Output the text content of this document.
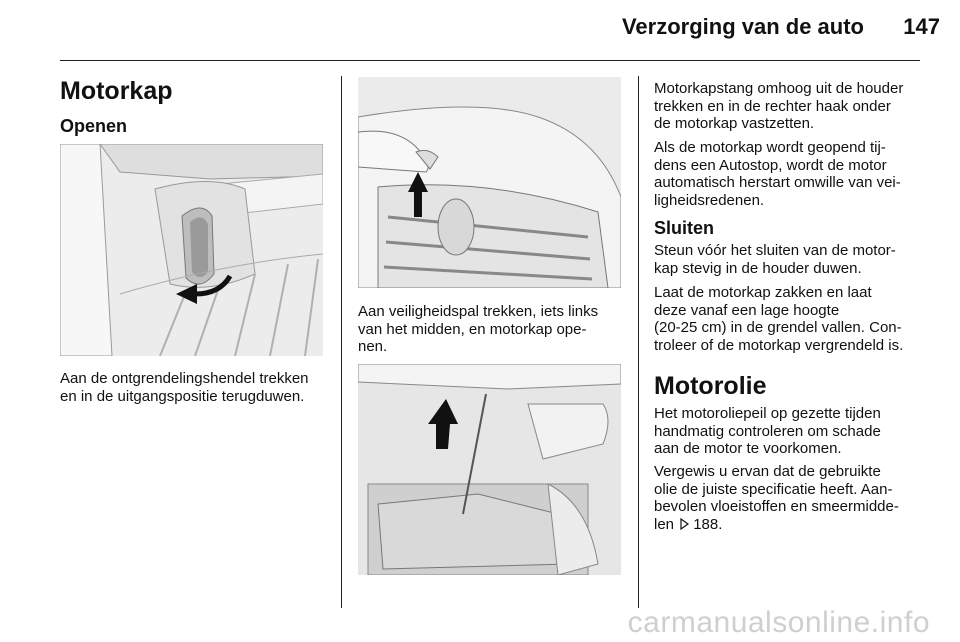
Verzorging van de auto	147
Motorkap
Openen
Aan de ontgrendelingshendel trekken
en in de uitgangspositie terugduwen.
Aan veiligheidspal trekken, iets links
van het midden, en motorkap ope-
nen.
Motorkapstang omhoog uit de houder
trekken en in de rechter haak onder
de motorkap vastzetten.
Als de motorkap wordt geopend tij-
dens een Autostop, wordt de motor
automatisch herstart omwille van vei-
ligheidsredenen.
Sluiten
Steun vóór het sluiten van de motor-
kap stevig in de houder duwen.
Laat de motorkap zakken en laat
deze vanaf een lage hoogte
(20-25 cm) in de grendel vallen. Con-
troleer of de motorkap vergrendeld is.
Motorolie
Het motoroliepeil op gezette tijden
handmatig controleren om schade
aan de motor te voorkomen.
Vergewis u ervan dat de gebruikte
olie de juiste specificatie heeft. Aan-
bevolen vloeistoffen en smeermidde-
len 188.
carmanualsonline.info
